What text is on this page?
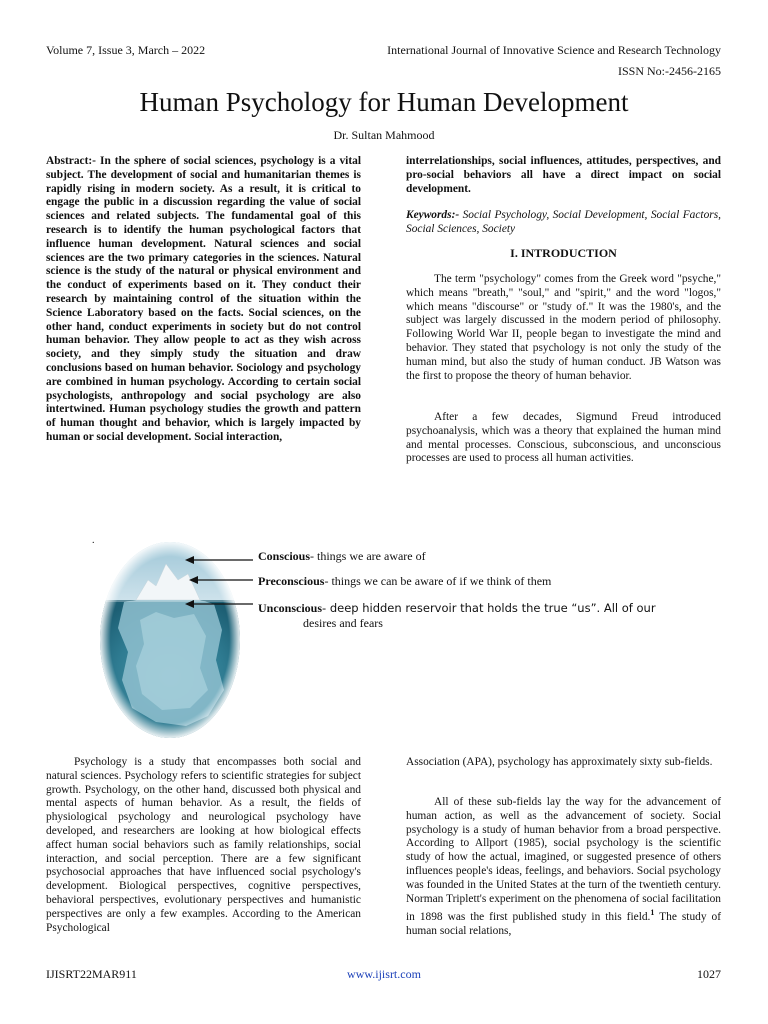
Volume 7, Issue 3, March – 2022	International Journal of Innovative Science and Research Technology
ISSN No:-2456-2165
Human Psychology for Human Development
Dr. Sultan Mahmood

Abstract:- In the sphere of social sciences, psychology is a vital subject. The development of social and humanitarian themes is rapidly rising in modern society. As a result, it is critical to engage the public in a discussion regarding the value of social sciences and related subjects. The fundamental goal of this research is to identify the human psychological factors that influence human development. Natural sciences and social sciences are the two primary categories in the sciences. Natural science is the study of the natural or physical environment and the conduct of experiments based on it. They conduct their research by maintaining control of the situation within the Science Laboratory based on the facts. Social sciences, on the other hand, conduct experiments in society but do not control human behavior. They allow people to act as they wish across society, and they simply study the situation and draw conclusions based on human behavior. Sociology and psychology are combined in human psychology. According to certain social psychologists, anthropology and social psychology are also intertwined. Human psychology studies the growth and pattern of human thought and behavior, which is largely impacted by human or social development. Social interaction,

interrelationships, social influences, attitudes, perspectives, and pro-social behaviors all have a direct impact on social development.

Keywords:- Social Psychology, Social Development, Social Factors, Social Sciences, Society

I. INTRODUCTION

The term "psychology" comes from the Greek word "psyche," which means "breath," "soul," and "spirit," and the word "logos," which means "discourse" or "study of." It was the 1980's, and the subject was largely discussed in the modern period of philosophy. Following World War II, people began to investigate the mind and behavior. They stated that psychology is not only the study of the human mind, but also the study of human conduct. JB Watson was the first to propose the theory of human behavior.

After a few decades, Sigmund Freud introduced psychoanalysis, which was a theory that explained the human mind and mental processes. Conscious, subconscious, and unconscious processes are used to process all human activities.

.
Conscious- things we are aware of
Preconscious- things we can be aware of if we think of them
Unconscious- deep hidden reservoir that holds the true “us”. All of our
desires and fears

Psychology is a study that encompasses both social and natural sciences. Psychology refers to scientific strategies for subject growth. Psychology, on the other hand, discussed both physical and mental aspects of human behavior. As a result, the fields of physiological psychology and neurological psychology have developed, and researchers are looking at how biological effects affect human social behaviors such as family relationships, social interaction, and social perception. There are a few significant psychosocial approaches that have influenced social psychology's development. Biological perspectives, cognitive perspectives, behavioral perspectives, evolutionary perspectives and humanistic perspectives are only a few examples. According to the American Psychological

Association (APA), psychology has approximately sixty sub-fields.

All of these sub-fields lay the way for the advancement of human action, as well as the advancement of society. Social psychology is a study of human behavior from a broad perspective. According to Allport (1985), social psychology is the scientific study of how the actual, imagined, or suggested presence of others influences people's ideas, feelings, and behaviors. Social psychology was founded in the United States at the turn of the twentieth century. Norman Triplett's experiment on the phenomena of social facilitation in 1898 was the first published study in this field.$^1$ The study of human social relations,

IJISRT22MAR911	www.ijisrt.com	1027
